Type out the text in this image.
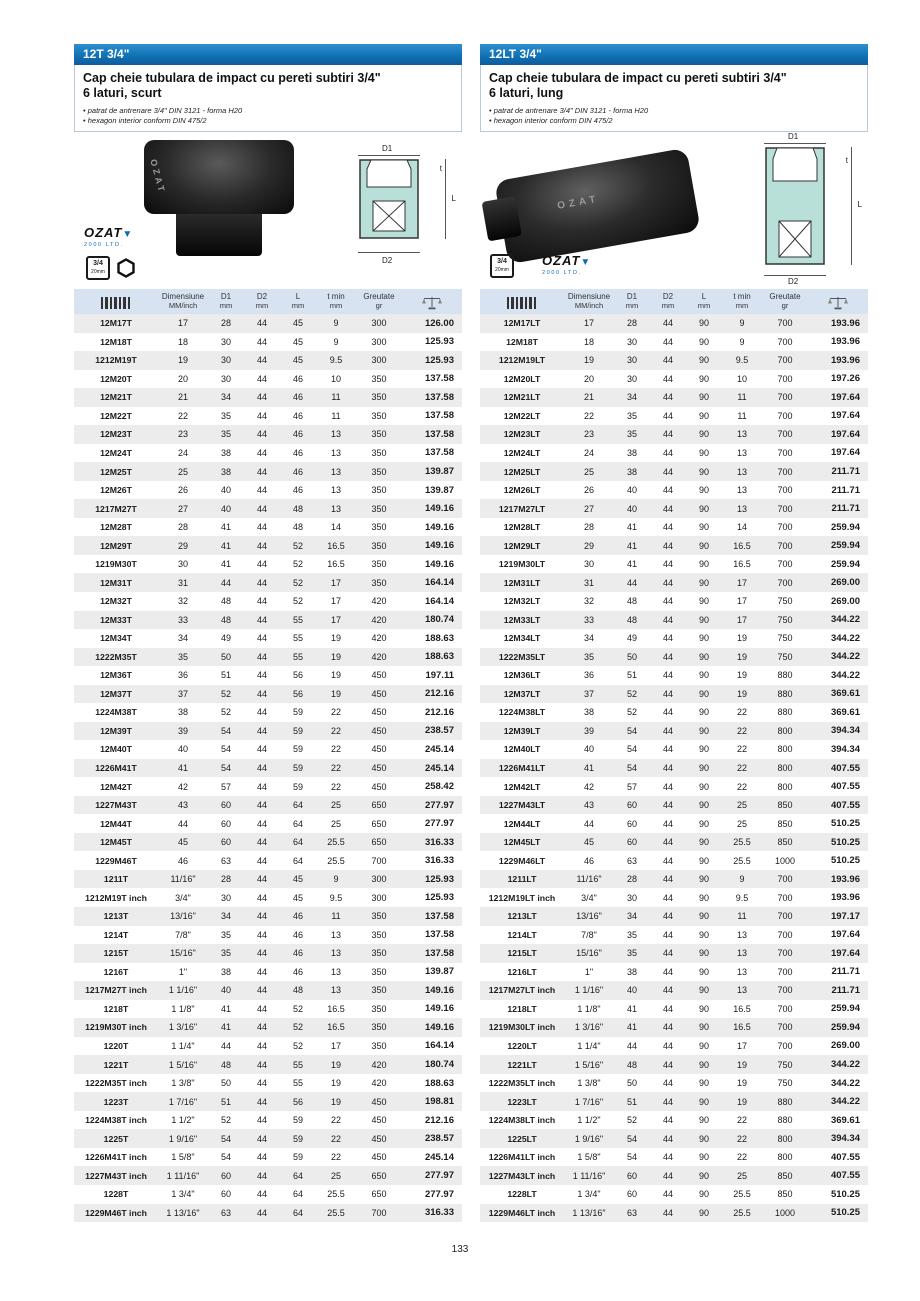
12T 3/4"
Cap cheie tubulara de impact cu pereti subtiri 3/4"
6 laturi, scurt
• patrat de antrenare 3/4" DIN 3121 - forma H20
• hexagon interior conform DIN 475/2
OZAT
D1
t
L
D2
OZAT▼
2000 LTD.
3/4
20mm
	Dimensiune	D1	D2	L	t min	Greutate	

	MM/inch	mm	mm	mm	mm	gr	
12M17T	17	28	44	45	9	300	126.00
12M18T	18	30	44	45	9	300	125.93
1212M19T	19	30	44	45	9.5	300	125.93
12M20T	20	30	44	46	10	350	137.58
12M21T	21	34	44	46	11	350	137.58
12M22T	22	35	44	46	11	350	137.58
12M23T	23	35	44	46	13	350	137.58
12M24T	24	38	44	46	13	350	137.58
12M25T	25	38	44	46	13	350	139.87
12M26T	26	40	44	46	13	350	139.87
1217M27T	27	40	44	48	13	350	149.16
12M28T	28	41	44	48	14	350	149.16
12M29T	29	41	44	52	16.5	350	149.16
1219M30T	30	41	44	52	16.5	350	149.16
12M31T	31	44	44	52	17	350	164.14
12M32T	32	48	44	52	17	420	164.14
12M33T	33	48	44	55	17	420	180.74
12M34T	34	49	44	55	19	420	188.63
1222M35T	35	50	44	55	19	420	188.63
12M36T	36	51	44	56	19	450	197.11
12M37T	37	52	44	56	19	450	212.16
1224M38T	38	52	44	59	22	450	212.16
12M39T	39	54	44	59	22	450	238.57
12M40T	40	54	44	59	22	450	245.14
1226M41T	41	54	44	59	22	450	245.14
12M42T	42	57	44	59	22	450	258.42
1227M43T	43	60	44	64	25	650	277.97
12M44T	44	60	44	64	25	650	277.97
12M45T	45	60	44	64	25.5	650	316.33
1229M46T	46	63	44	64	25.5	700	316.33
1211T	11/16"	28	44	45	9	300	125.93
1212M19T inch	3/4"	30	44	45	9.5	300	125.93
1213T	13/16"	34	44	46	11	350	137.58
1214T	7/8"	35	44	46	13	350	137.58
1215T	15/16"	35	44	46	13	350	137.58
1216T	1"	38	44	46	13	350	139.87
1217M27T inch	1 1/16"	40	44	48	13	350	149.16
1218T	1 1/8"	41	44	52	16.5	350	149.16
1219M30T inch	1 3/16"	41	44	52	16.5	350	149.16
1220T	1 1/4"	44	44	52	17	350	164.14
1221T	1 5/16"	48	44	55	19	420	180.74
1222M35T inch	1 3/8"	50	44	55	19	420	188.63
1223T	1 7/16"	51	44	56	19	450	198.81
1224M38T inch	1 1/2"	52	44	59	22	450	212.16
1225T	1 9/16"	54	44	59	22	450	238.57
1226M41T inch	1 5/8"	54	44	59	22	450	245.14
1227M43T inch	1 11/16"	60	44	64	25	650	277.97
1228T	1 3/4"	60	44	64	25.5	650	277.97
1229M46T inch	1 13/16"	63	44	64	25.5	700	316.33
12LT 3/4"
Cap cheie tubulara de impact cu pereti subtiri 3/4"
6 laturi, lung
• patrat de antrenare 3/4" DIN 3121 - forma H20
• hexagon interior conform DIN 475/2
OZAT
D1
t
L
D2
3/4
20mm
OZAT▼
2000 LTD.
	Dimensiune	D1	D2	L	t min	Greutate	

	MM/inch	mm	mm	mm	mm	gr	
12M17LT	17	28	44	90	9	700	193.96
12M18T	18	30	44	90	9	700	193.96
1212M19LT	19	30	44	90	9.5	700	193.96
12M20LT	20	30	44	90	10	700	197.26
12M21LT	21	34	44	90	11	700	197.64
12M22LT	22	35	44	90	11	700	197.64
12M23LT	23	35	44	90	13	700	197.64
12M24LT	24	38	44	90	13	700	197.64
12M25LT	25	38	44	90	13	700	211.71
12M26LT	26	40	44	90	13	700	211.71
1217M27LT	27	40	44	90	13	700	211.71
12M28LT	28	41	44	90	14	700	259.94
12M29LT	29	41	44	90	16.5	700	259.94
1219M30LT	30	41	44	90	16.5	700	259.94
12M31LT	31	44	44	90	17	700	269.00
12M32LT	32	48	44	90	17	750	269.00
12M33LT	33	48	44	90	17	750	344.22
12M34LT	34	49	44	90	19	750	344.22
1222M35LT	35	50	44	90	19	750	344.22
12M36LT	36	51	44	90	19	880	344.22
12M37LT	37	52	44	90	19	880	369.61
1224M38LT	38	52	44	90	22	880	369.61
12M39LT	39	54	44	90	22	800	394.34
12M40LT	40	54	44	90	22	800	394.34
1226M41LT	41	54	44	90	22	800	407.55
12M42LT	42	57	44	90	22	800	407.55
1227M43LT	43	60	44	90	25	850	407.55
12M44LT	44	60	44	90	25	850	510.25
12M45LT	45	60	44	90	25.5	850	510.25
1229M46LT	46	63	44	90	25.5	1000	510.25
1211LT	11/16"	28	44	90	9	700	193.96
1212M19LT inch	3/4"	30	44	90	9.5	700	193.96
1213LT	13/16"	34	44	90	11	700	197.17
1214LT	7/8"	35	44	90	13	700	197.64
1215LT	15/16"	35	44	90	13	700	197.64
1216LT	1"	38	44	90	13	700	211.71
1217M27LT inch	1 1/16"	40	44	90	13	700	211.71
1218LT	1 1/8"	41	44	90	16.5	700	259.94
1219M30LT inch	1 3/16"	41	44	90	16.5	700	259.94
1220LT	1 1/4"	44	44	90	17	700	269.00
1221LT	1 5/16"	48	44	90	19	750	344.22
1222M35LT inch	1 3/8"	50	44	90	19	750	344.22
1223LT	1 7/16"	51	44	90	19	880	344.22
1224M38LT inch	1 1/2"	52	44	90	22	880	369.61
1225LT	1 9/16"	54	44	90	22	800	394.34
1226M41LT inch	1 5/8"	54	44	90	22	800	407.55
1227M43LT inch	1 11/16"	60	44	90	25	850	407.55
1228LT	1 3/4"	60	44	90	25.5	850	510.25
1229M46LT inch	1 13/16"	63	44	90	25.5	1000	510.25
133
